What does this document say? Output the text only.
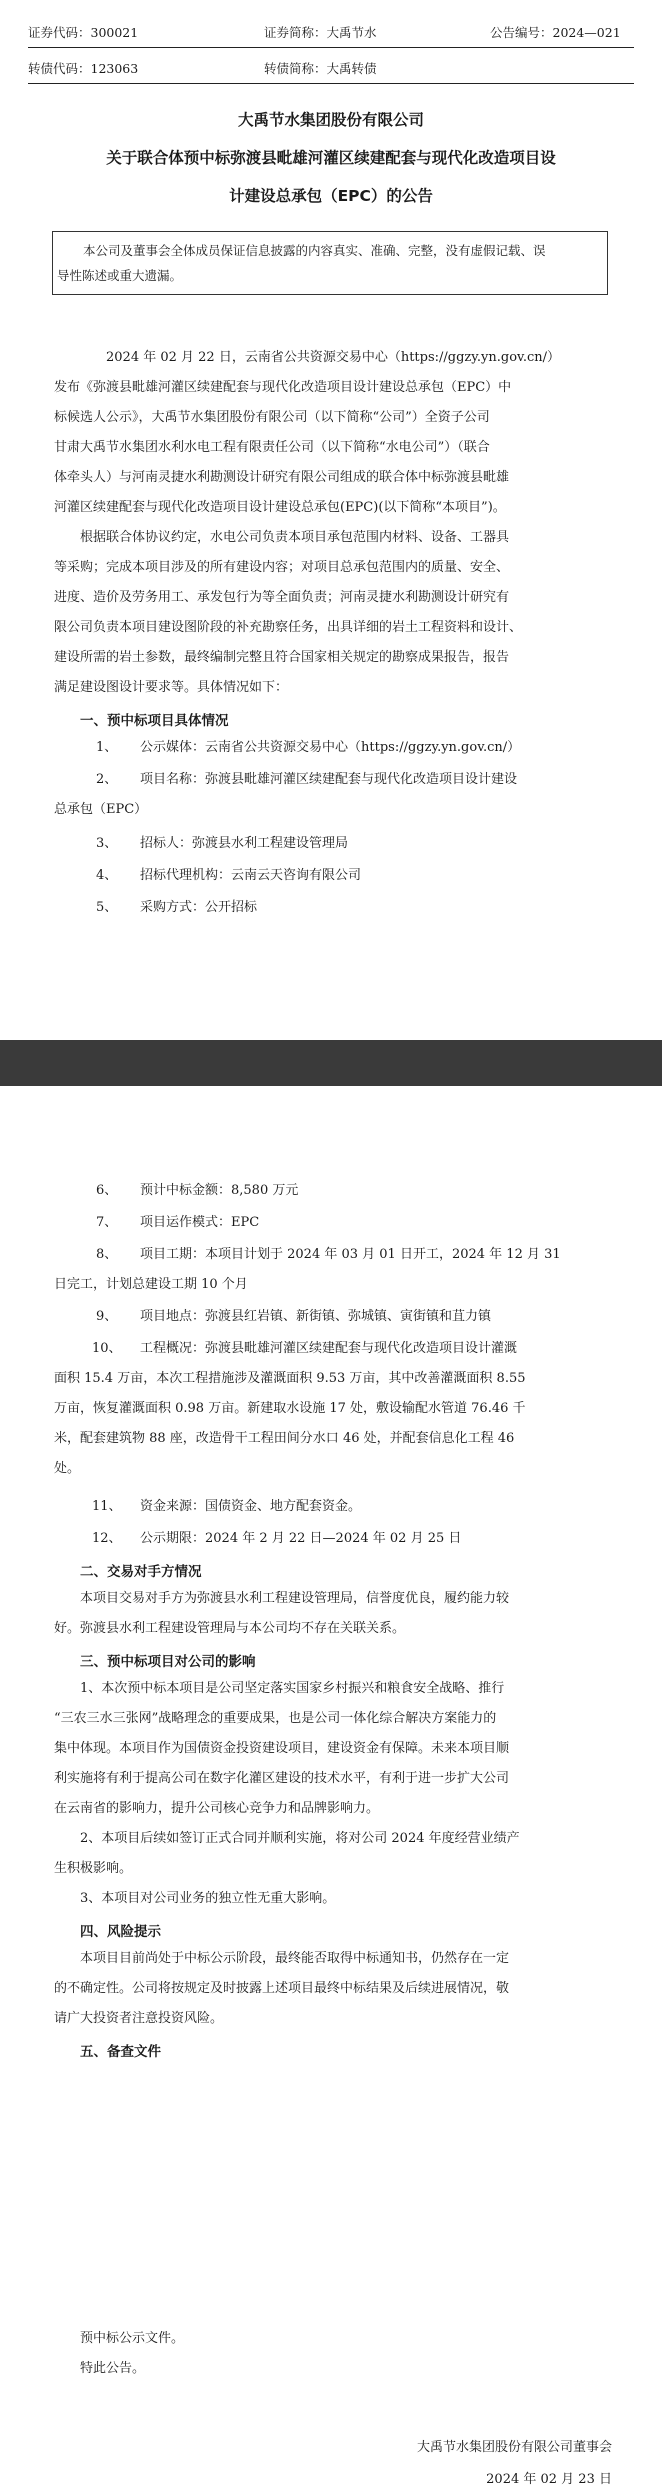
证券代码：300021	证券简称：大禹节水	公告编号：2024—021
转债代码：123063	转债简称：大禹转债
大禹节水集团股份有限公司
关于联合体预中标弥渡县毗雄河灌区续建配套与现代化改造项目设
计建设总承包（EPC）的公告
本公司及董事会全体成员保证信息披露的内容真实、准确、完整，没有虚假记载、误
导性陈述或重大遗漏。
2024 年 02 月 22 日，云南省公共资源交易中心（https://ggzy.yn.gov.cn/）
发布《弥渡县毗雄河灌区续建配套与现代化改造项目设计建设总承包（EPC）中
标候选人公示》，大禹节水集团股份有限公司（以下简称“公司”）全资子公司
甘肃大禹节水集团水利水电工程有限责任公司（以下简称“水电公司”）（联合
体牵头人）与河南灵捷水利勘测设计研究有限公司组成的联合体中标弥渡县毗雄
河灌区续建配套与现代化改造项目设计建设总承包(EPC)(以下简称“本项目”)。
根据联合体协议约定，水电公司负责本项目承包范围内材料、设备、工器具
等采购；完成本项目涉及的所有建设内容；对项目总承包范围内的质量、安全、
进度、造价及劳务用工、承发包行为等全面负责；河南灵捷水利勘测设计研究有
限公司负责本项目建设图阶段的补充勘察任务，出具详细的岩土工程资料和设计、
建设所需的岩土参数，最终编制完整且符合国家相关规定的勘察成果报告，报告
满足建设图设计要求等。具体情况如下：
一、预中标项目具体情况
1、 公示媒体：云南省公共资源交易中心（https://ggzy.yn.gov.cn/）
2、 项目名称：弥渡县毗雄河灌区续建配套与现代化改造项目设计建设
总承包（EPC）
3、 招标人：弥渡县水利工程建设管理局
4、 招标代理机构：云南云天咨询有限公司
5、 采购方式：公开招标
6、 预计中标金额：8,580 万元
7、 项目运作模式：EPC
8、 项目工期：本项目计划于 2024 年 03 月 01 日开工，2024 年 12 月 31
日完工，计划总建设工期 10 个月
9、 项目地点：弥渡县红岩镇、新街镇、弥城镇、寅街镇和苴力镇
10、 工程概况：弥渡县毗雄河灌区续建配套与现代化改造项目设计灌溉
面积 15.4 万亩，本次工程措施涉及灌溉面积 9.53 万亩，其中改善灌溉面积 8.55
万亩，恢复灌溉面积 0.98 万亩。新建取水设施 17 处，敷设输配水管道 76.46 千
米，配套建筑物 88 座，改造骨干工程田间分水口 46 处，并配套信息化工程 46
处。
11、 资金来源：国债资金、地方配套资金。
12、 公示期限：2024 年 2 月 22 日—2024 年 02 月 25 日
二、交易对手方情况
本项目交易对手方为弥渡县水利工程建设管理局，信誉度优良，履约能力较
好。弥渡县水利工程建设管理局与本公司均不存在关联关系。
三、预中标项目对公司的影响
1、本次预中标本项目是公司坚定落实国家乡村振兴和粮食安全战略、推行
“三农三水三张网”战略理念的重要成果，也是公司一体化综合解决方案能力的
集中体现。本项目作为国债资金投资建设项目，建设资金有保障。未来本项目顺
利实施将有利于提高公司在数字化灌区建设的技术水平，有利于进一步扩大公司
在云南省的影响力，提升公司核心竞争力和品牌影响力。
2、本项目后续如签订正式合同并顺利实施，将对公司 2024 年度经营业绩产
生积极影响。
3、本项目对公司业务的独立性无重大影响。
四、风险提示
本项目目前尚处于中标公示阶段，最终能否取得中标通知书，仍然存在一定
的不确定性。公司将按规定及时披露上述项目最终中标结果及后续进展情况，敬
请广大投资者注意投资风险。
五、备查文件
预中标公示文件。
特此公告。
大禹节水集团股份有限公司董事会
2024 年 02 月 23 日
